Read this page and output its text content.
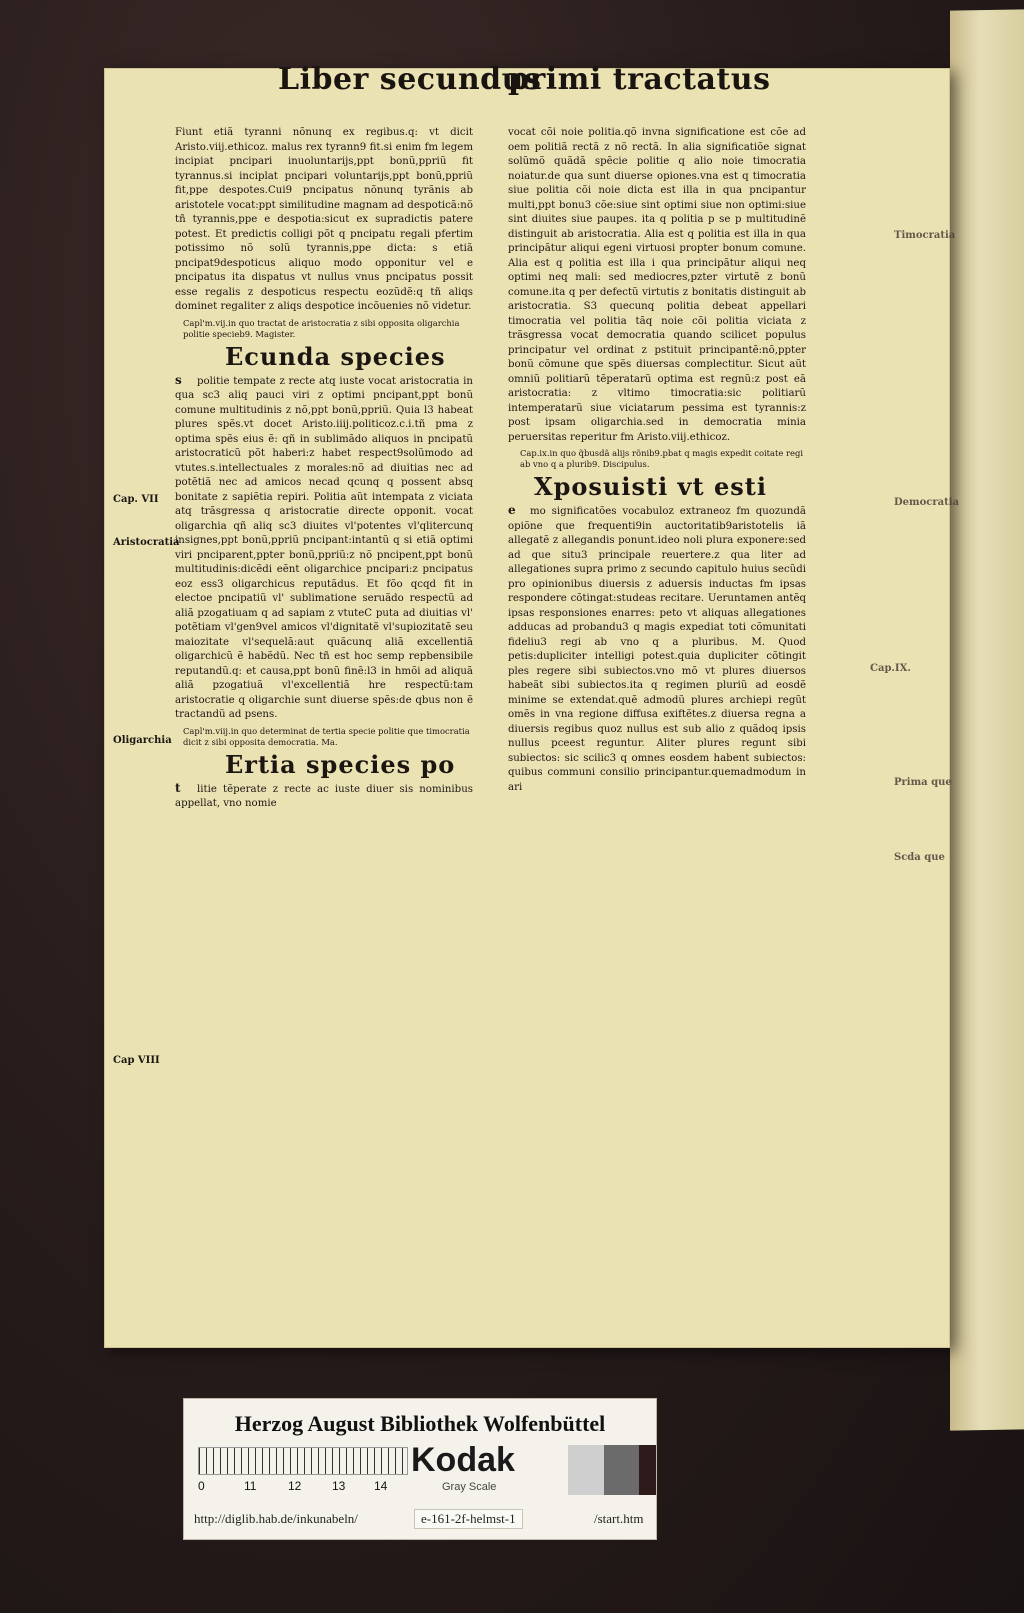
Liber secundus
primi tractatus
Cap. VII
Aristocratia
Oligarchia
Cap VIII
Timocratia
Democratia
Cap.IX.
Prima que
Scda que

Fiunt etiã tyranni nõnunq ex regibus.q: vt dicit Aristo.viij.ethicoz. malus rex tyrann9 fit.si enim fm legem incipiat pncipari inuoluntarijs,ppt bonũ,ppriũ fit tyrannus.si inciplat pncipari voluntarijs,ppt bonũ,ppriũ fit,ppe despotes.Cui9 pncipatus nõnunq tyrãnis ab aristotele vocat:ppt similitudine magnam ad despoticã:nõ tñ tyrannis,ppe e despotia:sicut ex supradictis patere potest. Et predictis colligi põt q pncipatu regali pfertim potissimo nõ solũ tyrannis,ppe dicta: s etiã pncipat9despoticus aliquo modo opponitur vel e pncipatus ita dispatus vt nullus vnus pncipatus possit esse regalis z despoticus respectu eozũdẽ:q tñ aliqs dominet regaliter z aliqs despotice incõuenies nõ videtur.

Capl'm.vij.in quo tractat de aristocratia z sibi opposita oligarchia politie specieb9. Magister.
Ecunda species

s politie tempate z recte atq iuste vocat aristocratia in qua sc3 aliq pauci viri z optimi pncipant,ppt bonũ comune multitudinis z nõ,ppt bonũ,ppriũ. Quia l3 habeat plures spẽs.vt docet Aristo.iiij.politicoz.c.i.tñ pma z optima spẽs eius ẽ: qñ in sublimãdo aliquos in pncipatũ aristocraticũ põt haberi:z habet respect9solũmodo ad vtutes.s.intellectuales z morales:nõ ad diuitias nec ad potẽtiã nec ad amicos necad qcunq q possent absq bonitate z sapiẽtia repiri. Politia aũt intempata z viciata atq trãsgressa q aristocratie directe opponit. vocat oligarchia qñ aliq sc3 diuites vl'potentes vl'qlitercunq insignes,ppt bonũ,ppriũ pncipant:intantũ q si etiã optimi viri pnciparent,ppter bonũ,ppriũ:z nõ pncipent,ppt bonũ multitudinis:dicẽdi eẽnt oligarchice pncipari:z pncipatus eoz ess3 oligarchicus reputãdus. Et fõo qcqd fit in electoe pncipatiũ vl' sublimatione seruãdo respectũ ad aliã pzogatiuam q ad sapiam z vtuteC puta ad diuitias vl' potẽtiam vl'gen9vel amicos vl'dignitatẽ vl'supiozitatẽ seu maiozitate vl'sequelã:aut quãcunq aliã excellentiã oligarchicũ ẽ habẽdũ. Nec tñ est hoc semp repbensibile reputandũ.q: et causa,ppt bonũ finẽ:l3 in hmõi ad aliquã aliã pzogatiuã vl'excellentiã hre respectũ:tam aristocratie q oligarchie sunt diuerse spẽs:de qbus non ẽ tractandũ ad psens.

Capl'm.viij.in quo determinat de tertia specie politie que timocratia dicit z sibi opposita democratia. Ma.
Ertia species po

t litie tẽperate z recte ac iuste diuer sis nominibus appellat, vno nomie

vocat cõi noie politia.qõ invna significatione est cõe ad oem politiã rectã z nõ rectã. In alia significatiõe signat solũmõ quãdã spẽcie politie q alio noie timocratia noiatur.de qua sunt diuerse opiones.vna est q timocratia siue politia cõi noie dicta est illa in qua pncipantur multi,ppt bonu3 cõe:siue sint optimi siue non optimi:siue sint diuites siue paupes. ita q politia p se p multitudinẽ distinguit ab aristocratia. Alia est q politia est illa in qua principãtur aliqui egeni virtuosi propter bonum comune. Alia est q politia est illa i qua principãtur aliqui neq optimi neq mali: sed mediocres,pzter virtutẽ z bonũ comune.ita q per defectũ virtutis z bonitatis distinguit ab aristocratia. S3 quecunq politia debeat appellari timocratia vel politia tãq noie cõi politia viciata z trãsgressa vocat democratia quando scilicet populus principatur vel ordinat z pstituit principantẽ:nõ,ppter bonũ cõmune que spẽs diuersas complectitur. Sicut aũt omniũ politiarũ tẽperatarũ optima est regnũ:z post eã aristocratia: z vltimo timocratia:sic politiarũ intemperatarũ siue viciatarum pessima est tyrannis:z post ipsam oligarchia.sed in democratia minia peruersitas reperitur fm Aristo.viij.ethicoz.

Cap.ix.in quo q̃busdã alijs rõnib9.pbat q magis expedit coitate regi ab vno q a plurib9. Discipulus.
Xposuisti vt esti

e mo significatões vocabuloz extraneoz fm quozundã opiõne que frequenti9in auctoritatib9aristotelis iã allegatẽ z allegandis ponunt.ideo noli plura exponere:sed ad que situ3 principale reuertere.z qua liter ad allegationes supra primo z secundo capitulo huius secũdi pro opinionibus diuersis z aduersis inductas fm ipsas respondere cõtingat:studeas recitare. Ueruntamen antẽq ipsas responsiones enarres: peto vt aliquas allegationes adducas ad probandu3 q magis expediat toti cõmunitati fideliu3 regi ab vno q a pluribus. M. Quod petis:dupliciter intelligi potest.quia dupliciter cõtingit ples regere sibi subiectos.vno mõ vt plures diuersos habeãt sibi subiectos.ita q regimen pluriũ ad eosdẽ minime se extendat.quẽ admodũ plures archiepi regũt omẽs in vna regione diffusa exiftẽtes.z diuersa regna a diuersis regibus quoz nullus est sub alio z quãdoq ipsis nullus pceest reguntur. Aliter plures regunt sibi subiectos: sic scilic3 q omnes eosdem habent subiectos: quibus communi consilio principantur.quemadmodum in ari

Herzog August Bibliothek Wolfenbüttel
0	11	12	13 14
Kodak
Gray Scale
http://diglib.hab.de/inkunabeln/	e-161-2f-helmst-1	/start.htm
